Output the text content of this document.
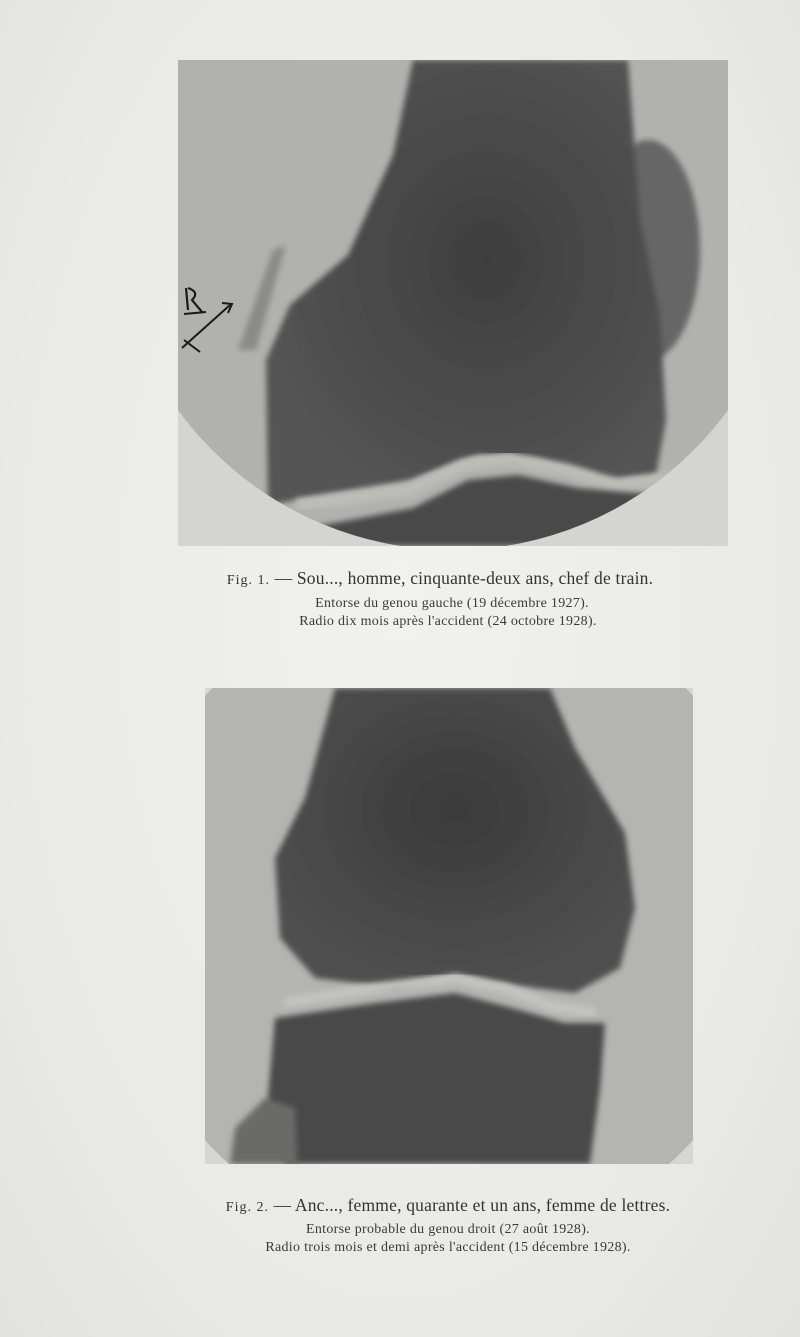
Fig. 1. — Sou..., homme, cinquante-deux ans, chef de train.
Entorse du genou gauche (19 décembre 1927).
Radio dix mois après l'accident (24 octobre 1928).
Fig. 2. — Anc..., femme, quarante et un ans, femme de lettres.
Entorse probable du genou droit (27 août 1928).
Radio trois mois et demi après l'accident (15 décembre 1928).
